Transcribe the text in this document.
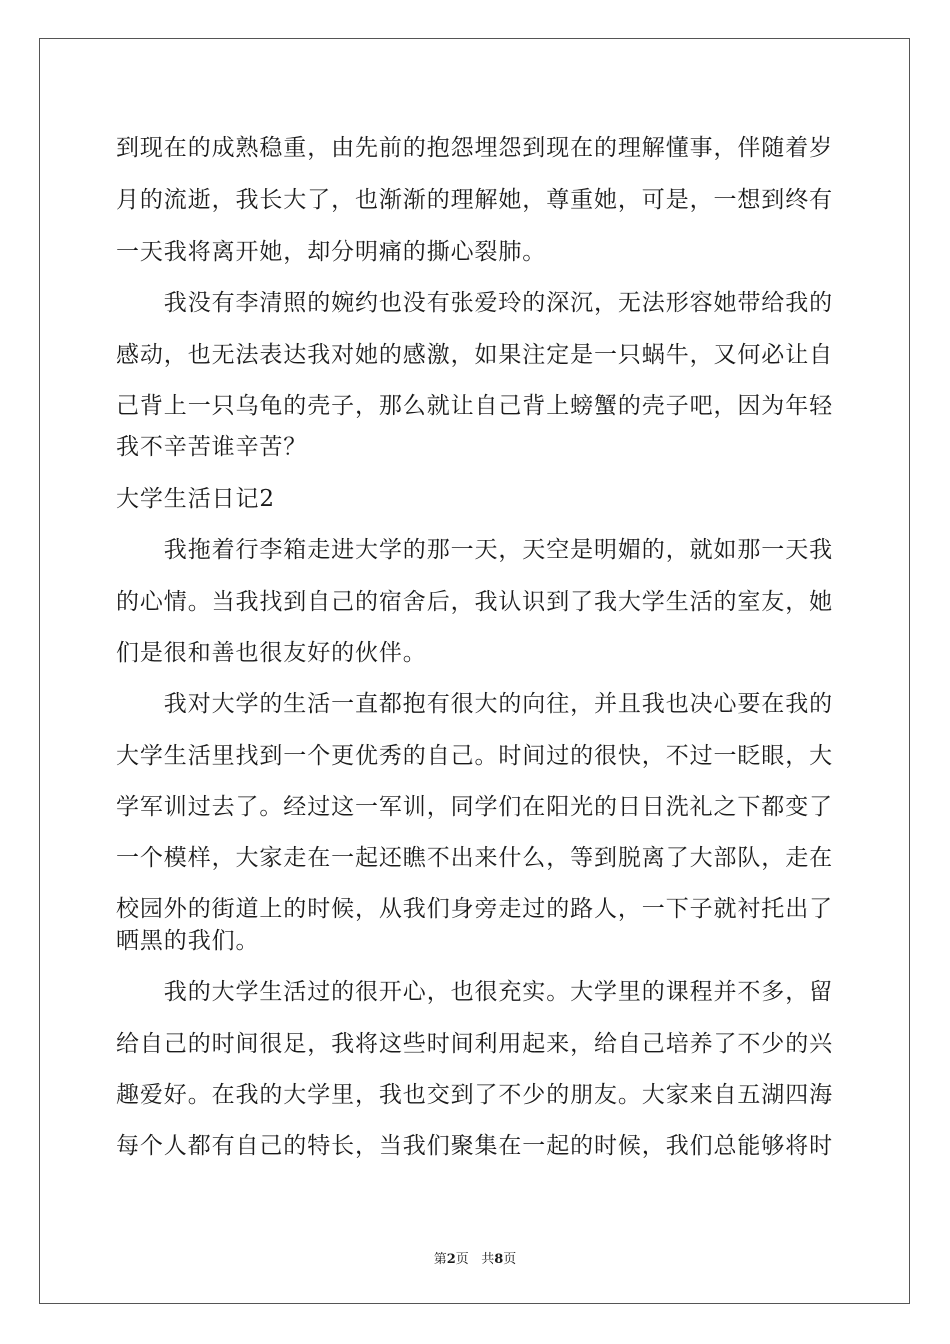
到现在的成熟稳重，由先前的抱怨埋怨到现在的理解懂事，伴随着岁
月的流逝，我长大了，也渐渐的理解她，尊重她，可是，一想到终有
一天我将离开她，却分明痛的撕心裂肺。
　　我没有李清照的婉约也没有张爱玲的深沉，无法形容她带给我的
感动，也无法表达我对她的感激，如果注定是一只蜗牛，又何必让自
己背上一只乌龟的壳子，那么就让自己背上螃蟹的壳子吧，因为年轻
我不辛苦谁辛苦？
大学生活日记2
　　我拖着行李箱走进大学的那一天，天空是明媚的，就如那一天我
的心情。当我找到自己的宿舍后，我认识到了我大学生活的室友，她
们是很和善也很友好的伙伴。
　　我对大学的生活一直都抱有很大的向往，并且我也决心要在我的
大学生活里找到一个更优秀的自己。时间过的很快，不过一眨眼，大
学军训过去了。经过这一军训，同学们在阳光的日日洗礼之下都变了
一个模样，大家走在一起还瞧不出来什么，等到脱离了大部队，走在
校园外的街道上的时候，从我们身旁走过的路人，一下子就衬托出了
晒黑的我们。
　　我的大学生活过的很开心，也很充实。大学里的课程并不多，留
给自己的时间很足，我将这些时间利用起来，给自己培养了不少的兴
趣爱好。在我的大学里，我也交到了不少的朋友。大家来自五湖四海
每个人都有自己的特长，当我们聚集在一起的时候，我们总能够将时
第2页 共8页
